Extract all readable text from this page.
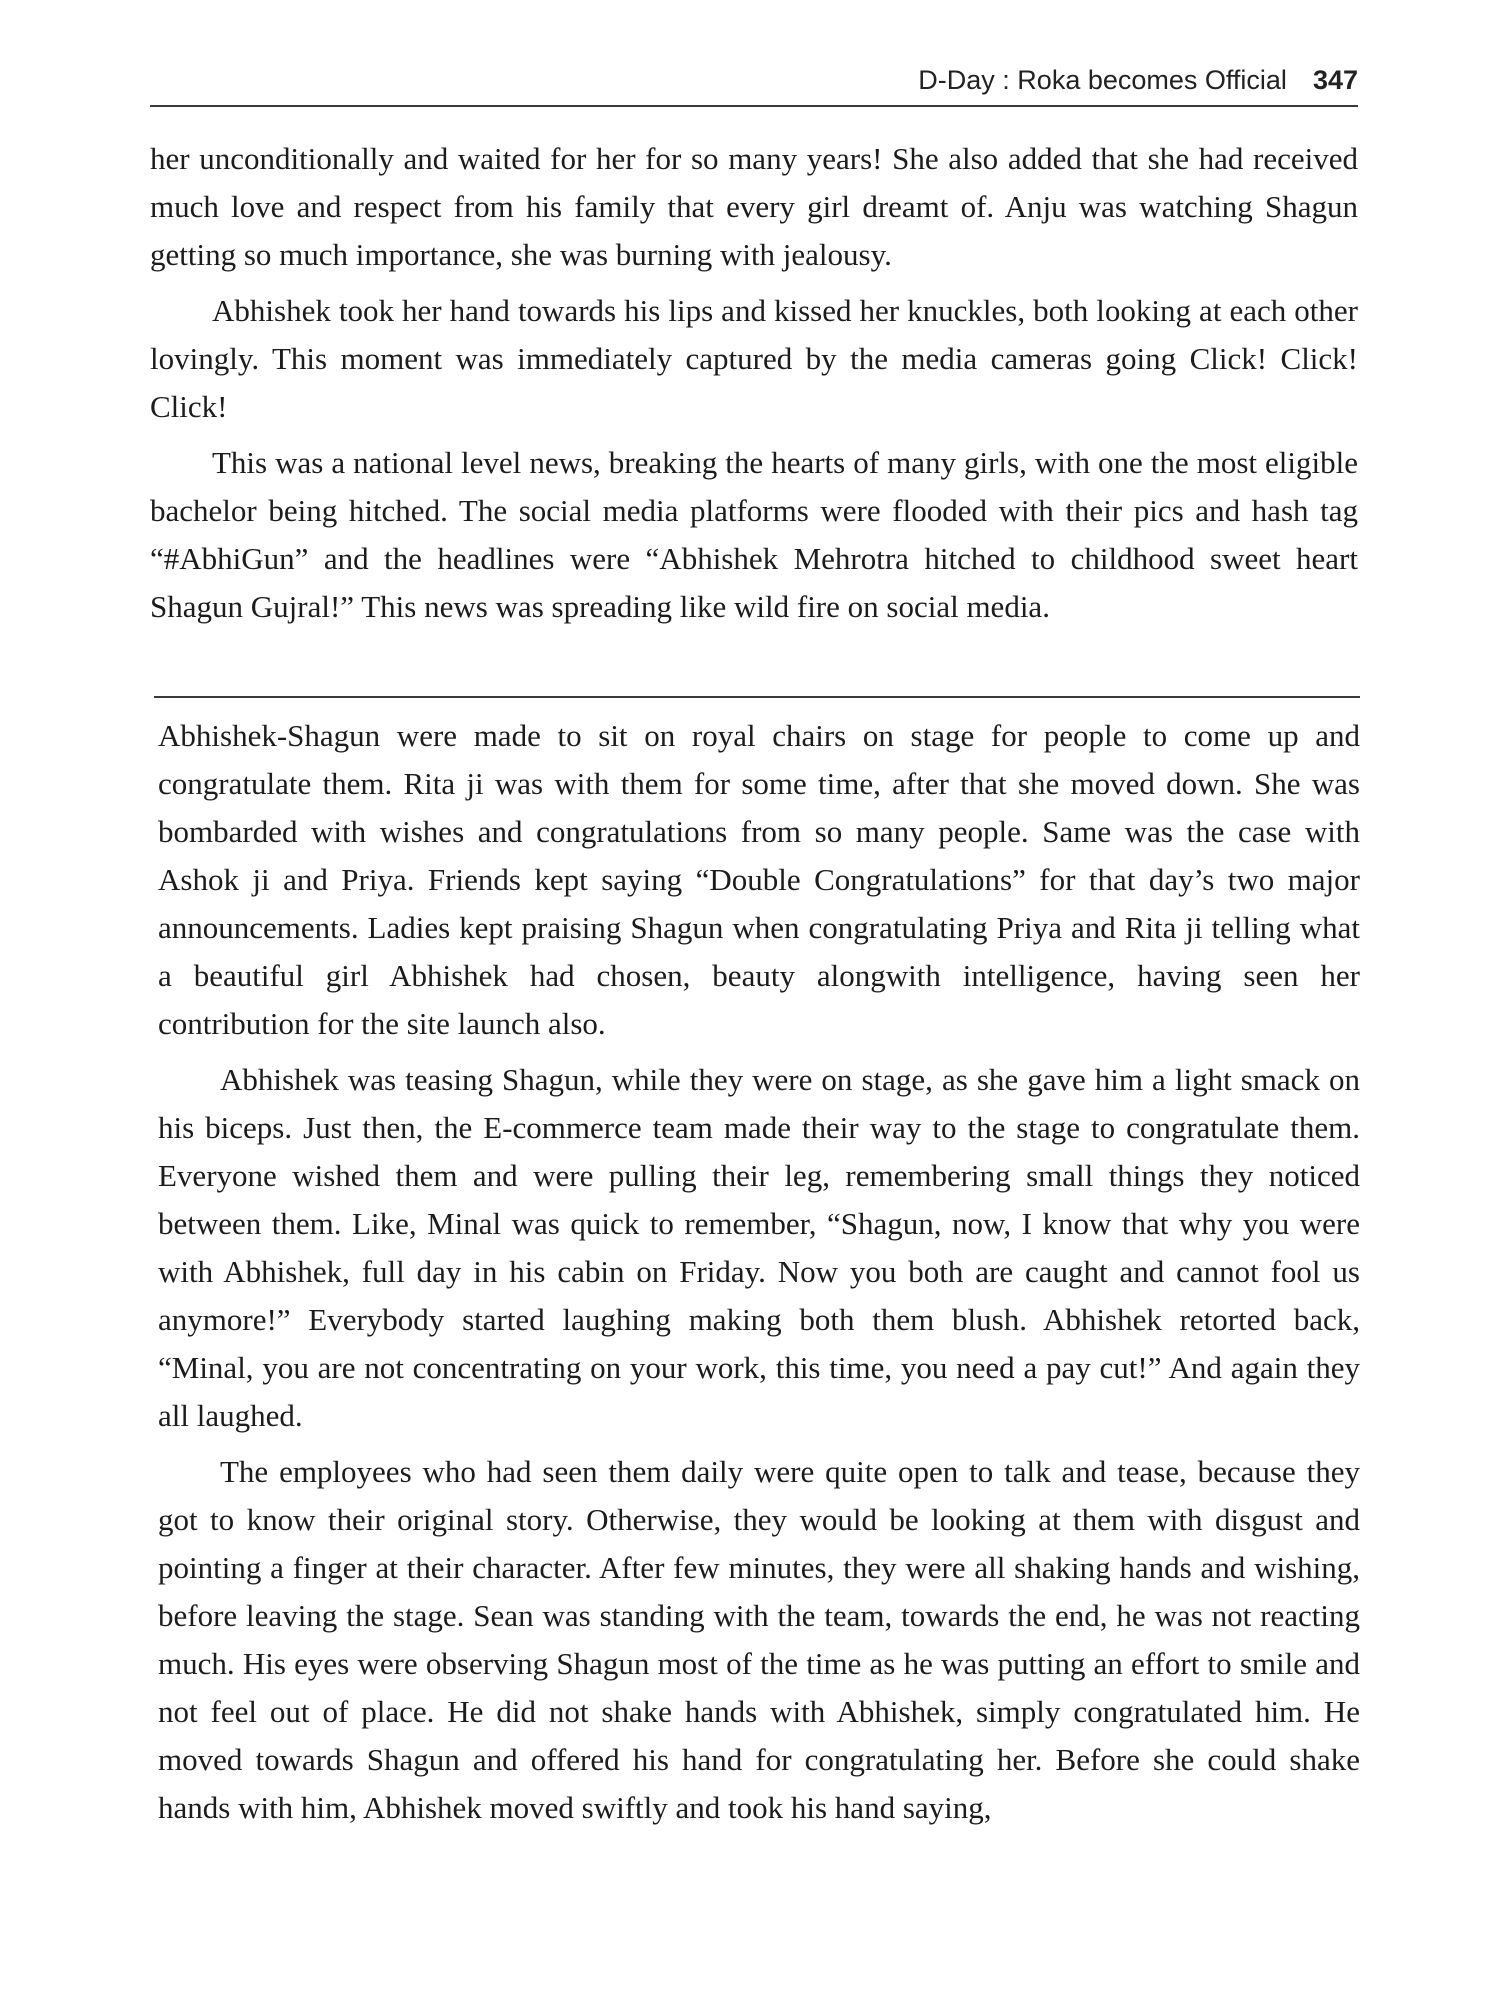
D-Day : Roka becomes Official 347

her unconditionally and waited for her for so many years! She also added that she had received much love and respect from his family that every girl dreamt of. Anju was watching Shagun getting so much importance, she was burning with jealousy.

Abhishek took her hand towards his lips and kissed her knuckles, both looking at each other lovingly. This moment was immediately captured by the media cameras going Click! Click! Click!

This was a national level news, breaking the hearts of many girls, with one the most eligible bachelor being hitched. The social media platforms were flooded with their pics and hash tag “#AbhiGun” and the headlines were “Abhishek Mehrotra hitched to childhood sweet heart Shagun Gujral!” This news was spreading like wild fire on social media.

Abhishek-Shagun were made to sit on royal chairs on stage for people to come up and congratulate them. Rita ji was with them for some time, after that she moved down. She was bombarded with wishes and congratulations from so many people. Same was the case with Ashok ji and Priya. Friends kept saying “Double Congratulations” for that day’s two major announcements. Ladies kept praising Shagun when congratulating Priya and Rita ji telling what a beautiful girl Abhishek had chosen, beauty alongwith intelligence, having seen her contribution for the site launch also.

Abhishek was teasing Shagun, while they were on stage, as she gave him a light smack on his biceps. Just then, the E-commerce team made their way to the stage to congratulate them. Everyone wished them and were pulling their leg, remembering small things they noticed between them. Like, Minal was quick to remember, “Shagun, now, I know that why you were with Abhishek, full day in his cabin on Friday. Now you both are caught and cannot fool us anymore!” Everybody started laughing making both them blush. Abhishek retorted back, “Minal, you are not concentrating on your work, this time, you need a pay cut!” And again they all laughed.

The employees who had seen them daily were quite open to talk and tease, because they got to know their original story. Otherwise, they would be looking at them with disgust and pointing a finger at their character. After few minutes, they were all shaking hands and wishing, before leaving the stage. Sean was standing with the team, towards the end, he was not reacting much. His eyes were observing Shagun most of the time as he was putting an effort to smile and not feel out of place. He did not shake hands with Abhishek, simply congratulated him. He moved towards Shagun and offered his hand for congratulating her. Before she could shake hands with him, Abhishek moved swiftly and took his hand saying,
